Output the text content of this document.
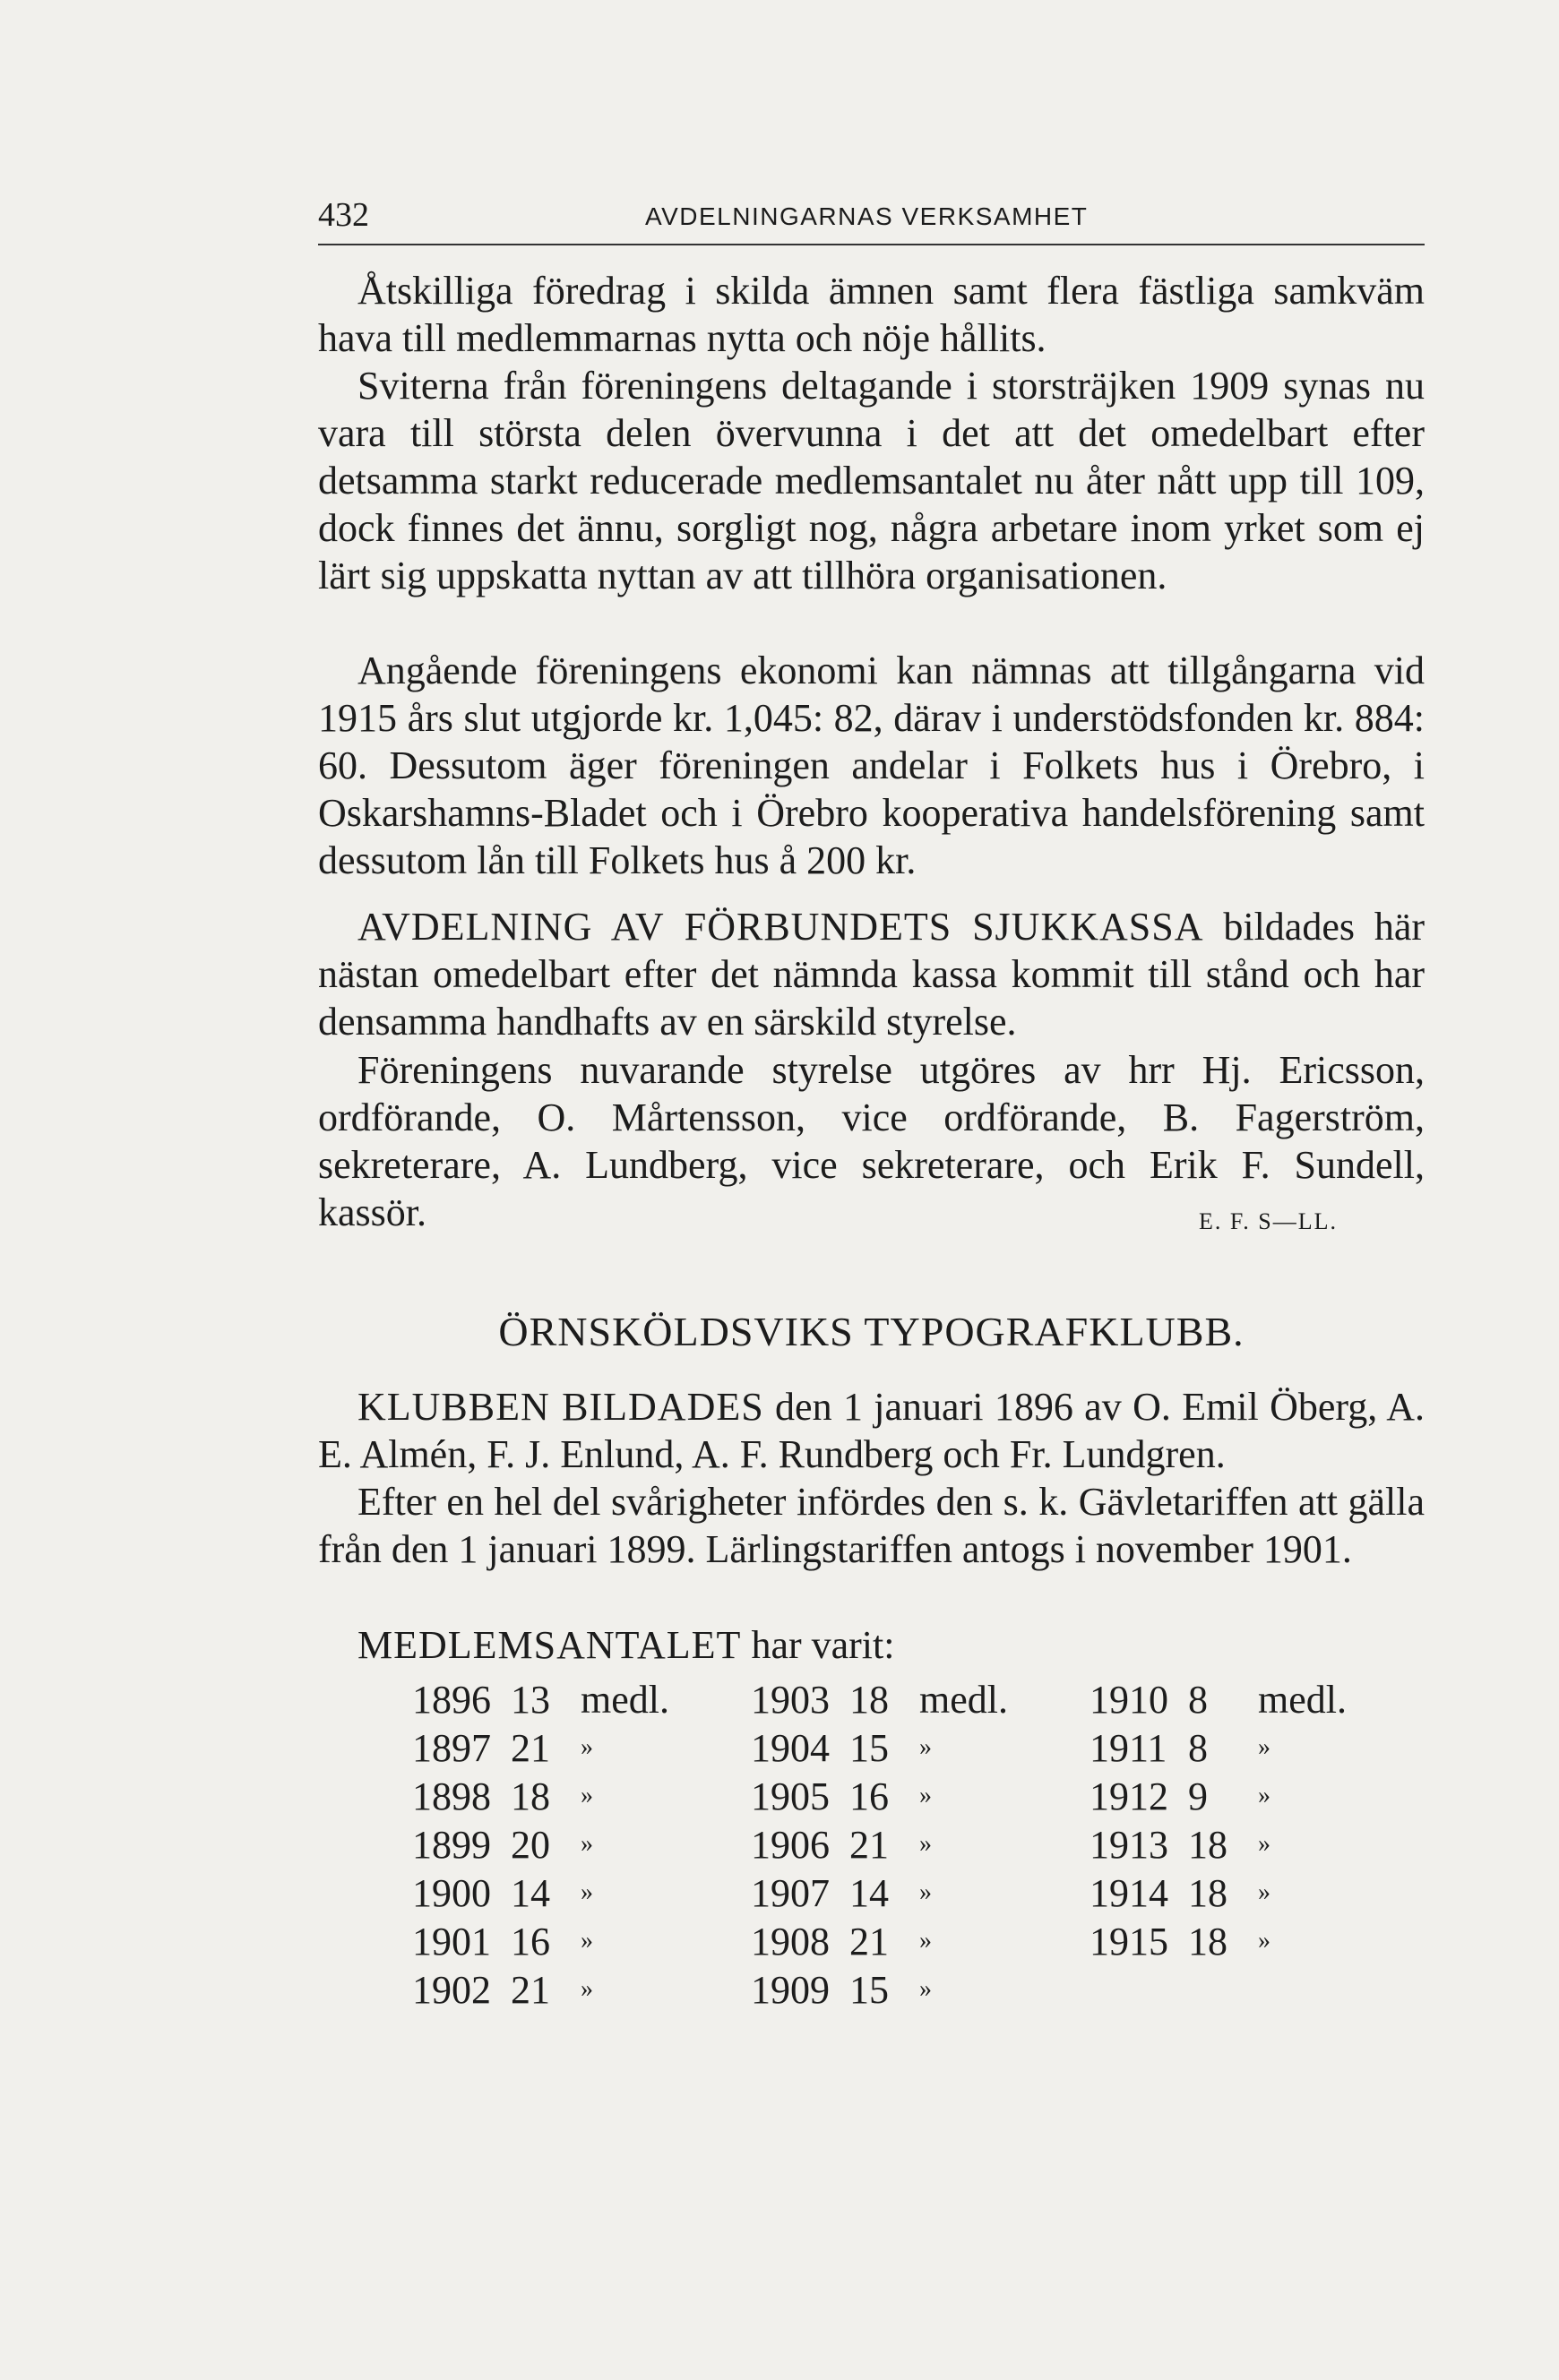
432	AVDELNINGARNAS VERKSAMHET

Åtskilliga föredrag i skilda ämnen samt flera fästliga samkväm hava till medlemmarnas nytta och nöje hållits.

Sviterna från föreningens deltagande i storsträjken 1909 synas nu vara till största delen övervunna i det att det omedelbart efter detsamma starkt reducerade medlemsantalet nu åter nått upp till 109, dock finnes det ännu, sorgligt nog, några arbetare inom yrket som ej lärt sig uppskatta nyttan av att tillhöra organisationen.

Angående föreningens ekonomi kan nämnas att tillgångarna vid 1915 års slut utgjorde kr. 1,045: 82, därav i understödsfonden kr. 884: 60. Dessutom äger föreningen andelar i Folkets hus i Örebro, i Oskarshamns-Bladet och i Örebro kooperativa handelsförening samt dessutom lån till Folkets hus å 200 kr.

AVDELNING AV FÖRBUNDETS SJUKKASSA bildades här nästan omedelbart efter det nämnda kassa kommit till stånd och har densamma handhafts av en särskild styrelse.

Föreningens nuvarande styrelse utgöres av hrr Hj. Ericsson, ordförande, O. Mårtensson, vice ordförande, B. Fagerström, sekreterare, A. Lundberg, vice sekreterare, och Erik F. Sundell, kassör.	E. F. S—LL.
ÖRNSKÖLDSVIKS TYPOGRAFKLUBB.

KLUBBEN BILDADES den 1 januari 1896 av O. Emil Öberg, A. E. Almén, F. J. Enlund, A. F. Rundberg och Fr. Lundgren.

Efter en hel del svårigheter infördes den s. k. Gävletariffen att gälla från den 1 januari 1899. Lärlingstariffen antogs i november 1901.

MEDLEMSANTALET har varit:

1896	13	medl.	1903	18	medl.	1910	8	medl.
1897	21	»	1904	15	»	1911	8	»
1898	18	»	1905	16	»	1912	9	»
1899	20	»	1906	21	»	1913	18	»
1900	14	»	1907	14	»	1914	18	»
1901	16	»	1908	21	»	1915	18	»
1902	21	»	1909	15	»			
